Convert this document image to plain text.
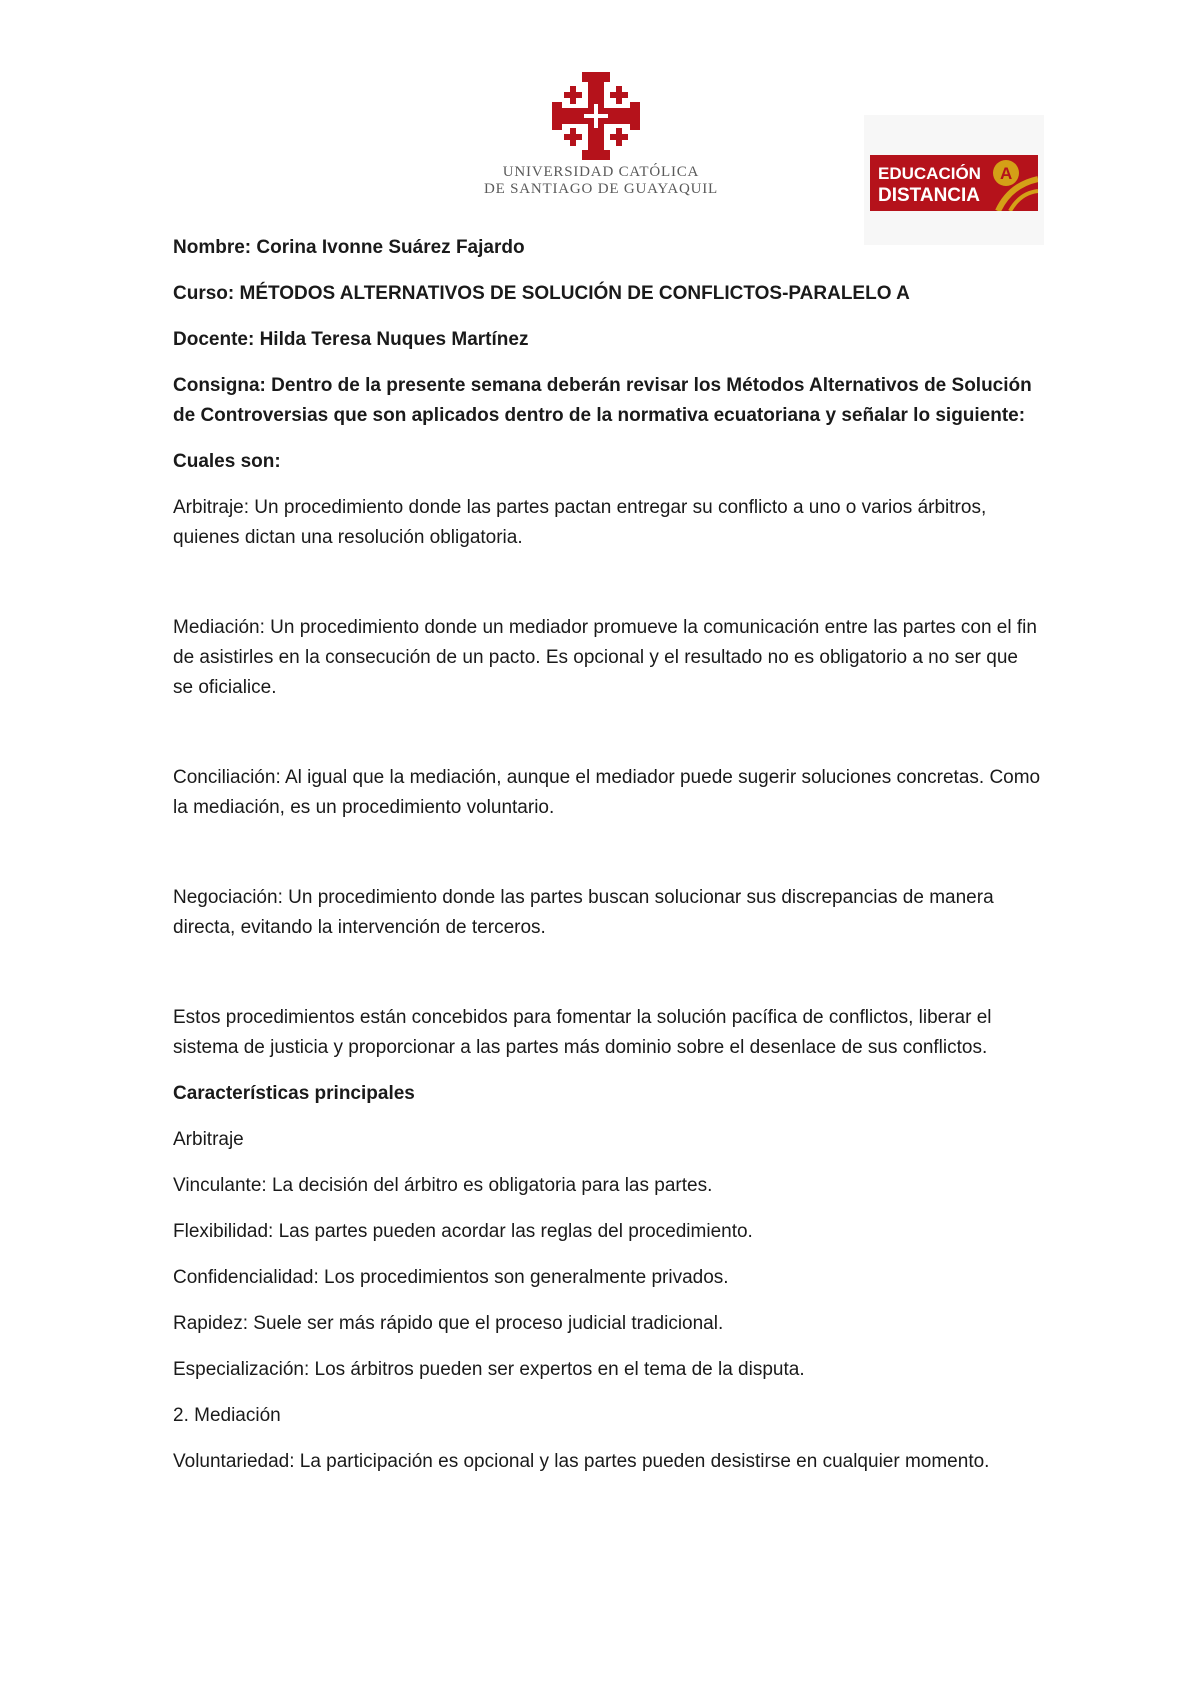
UNIVERSIDAD CATÓLICA
DE SANTIAGO DE GUAYAQUIL
EDUCACIÓN
DISTANCIA
A

Nombre: Corina Ivonne Suárez Fajardo

Curso: MÉTODOS ALTERNATIVOS DE SOLUCIÓN DE CONFLICTOS-PARALELO A

Docente: Hilda Teresa Nuques Martínez

Consigna: Dentro de la presente semana deberán revisar los Métodos Alternativos de Solución de Controversias que son aplicados dentro de la normativa ecuatoriana y señalar lo siguiente:

Cuales son:

Arbitraje: Un procedimiento donde las partes pactan entregar su conflicto a uno o varios árbitros, quienes dictan una resolución obligatoria.

Mediación: Un procedimiento donde un mediador promueve la comunicación entre las partes con el fin de asistirles en la consecución de un pacto. Es opcional y el resultado no es obligatorio a no ser que se oficialice.

Conciliación: Al igual que la mediación, aunque el mediador puede sugerir soluciones concretas. Como la mediación, es un procedimiento voluntario.

Negociación: Un procedimiento donde las partes buscan solucionar sus discrepancias de manera directa, evitando la intervención de terceros.

Estos procedimientos están concebidos para fomentar la solución pacífica de conflictos, liberar el sistema de justicia y proporcionar a las partes más dominio sobre el desenlace de sus conflictos.

Características principales

Arbitraje

Vinculante: La decisión del árbitro es obligatoria para las partes.

Flexibilidad: Las partes pueden acordar las reglas del procedimiento.

Confidencialidad: Los procedimientos son generalmente privados.

Rapidez: Suele ser más rápido que el proceso judicial tradicional.

Especialización: Los árbitros pueden ser expertos en el tema de la disputa.

2. Mediación

Voluntariedad: La participación es opcional y las partes pueden desistirse en cualquier momento.
